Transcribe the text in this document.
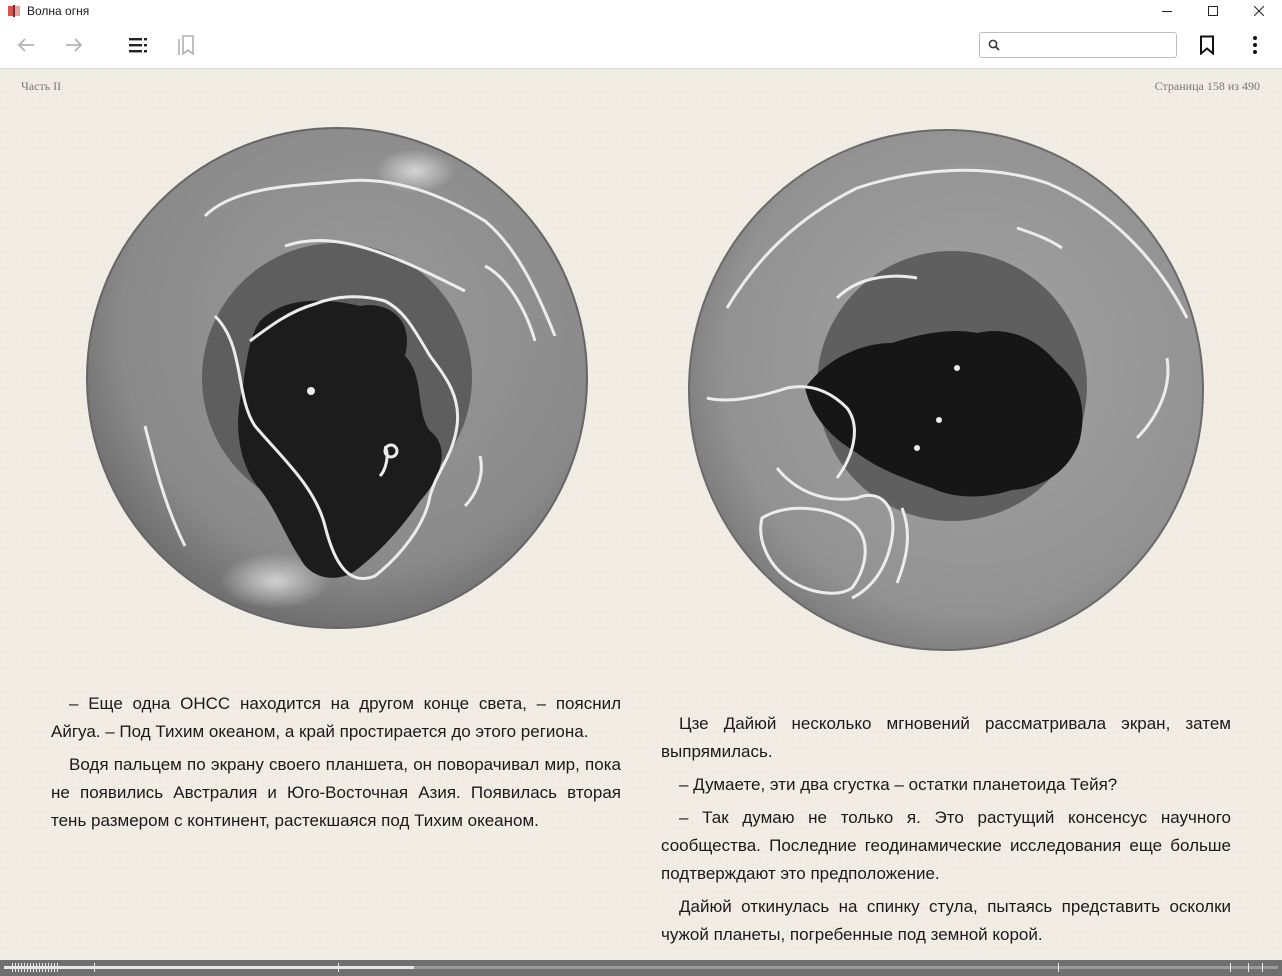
Волна огня
Часть II	Страница 158 из 490

– Еще одна ОНСС находится на другом конце света, – пояснил Айгуа. – Под Тихим океаном, а край простирается до этого региона.

Водя пальцем по экрану своего планшета, он поворачивал мир, пока не появились Австралия и Юго-Восточная Азия. Появилась вторая тень размером с континент, растекшаяся под Тихим океаном.

Цзе Дайюй несколько мгновений рассматривала экран, затем выпрямилась.

– Думаете, эти два сгустка – остатки планетоида Тейя?

– Так думаю не только я. Это растущий консенсус научного сообщества. Последние геодинамические исследования еще больше подтверждают это предположение.

Дайюй откинулась на спинку стула, пытаясь представить осколки чужой планеты, погребенные под земной корой.
